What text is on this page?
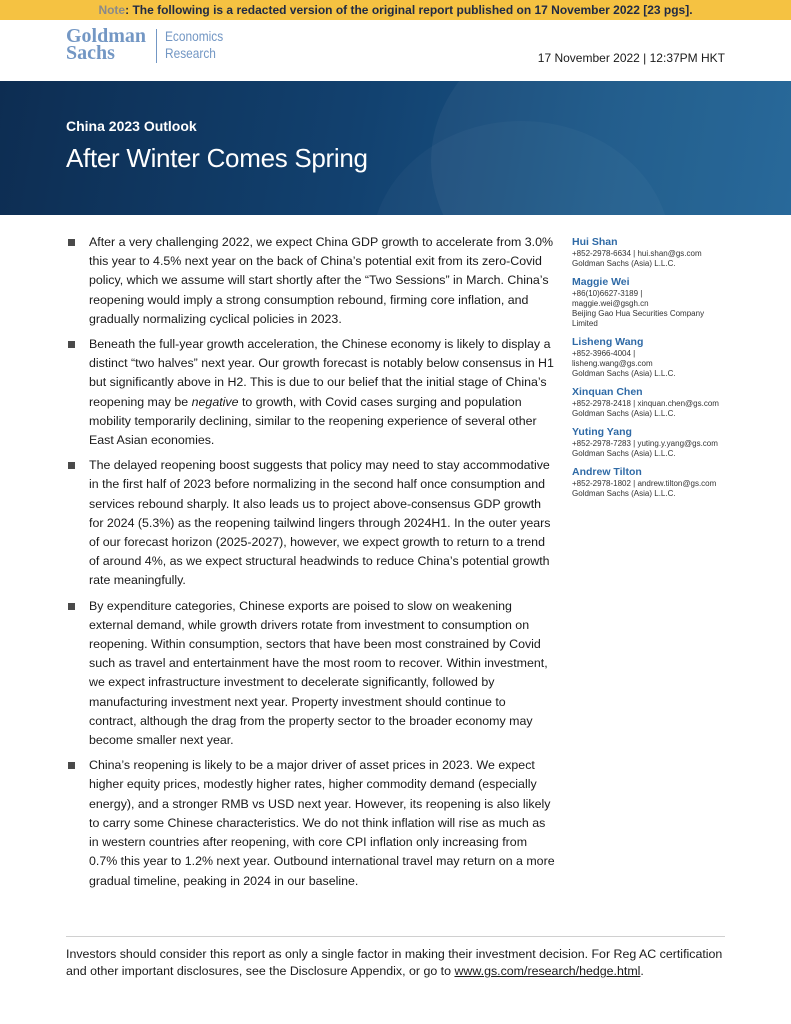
Note: The following is a redacted version of the original report published on 17 November 2022 [23 pgs].
Goldman
Sachs
Economics
Research	17 November 2022 | 12:37PM HKT
China 2023 Outlook
After Winter Comes Spring
After a very challenging 2022, we expect China GDP growth to accelerate from 3.0% this year to 4.5% next year on the back of China’s potential exit from its zero-Covid policy, which we assume will start shortly after the “Two Sessions” in March. China’s reopening would imply a strong consumption rebound, firming core inflation, and gradually normalizing cyclical policies in 2023.
Beneath the full-year growth acceleration, the Chinese economy is likely to display a distinct “two halves” next year. Our growth forecast is notably below consensus in H1 but significantly above in H2. This is due to our belief that the initial stage of China’s reopening may be negative to growth, with Covid cases surging and population mobility temporarily declining, similar to the reopening experience of several other East Asian economies.
The delayed reopening boost suggests that policy may need to stay accommodative in the first half of 2023 before normalizing in the second half once consumption and services rebound sharply. It also leads us to project above-consensus GDP growth for 2024 (5.3%) as the reopening tailwind lingers through 2024H1. In the outer years of our forecast horizon (2025-2027), however, we expect growth to return to a trend of around 4%, as we expect structural headwinds to reduce China’s potential growth rate meaningfully.
By expenditure categories, Chinese exports are poised to slow on weakening external demand, while growth drivers rotate from investment to consumption on reopening. Within consumption, sectors that have been most constrained by Covid such as travel and entertainment have the most room to recover. Within investment, we expect infrastructure investment to decelerate significantly, followed by manufacturing investment next year. Property investment should continue to contract, although the drag from the property sector to the broader economy may become smaller next year.
China’s reopening is likely to be a major driver of asset prices in 2023. We expect higher equity prices, modestly higher rates, higher commodity demand (especially energy), and a stronger RMB vs USD next year. However, its reopening is also likely to carry some Chinese characteristics. We do not think inflation will rise as much as in western countries after reopening, with core CPI inflation only increasing from 0.7% this year to 1.2% next year. Outbound international travel may return on a more gradual timeline, peaking in 2024 in our baseline.
Hui Shan
+852-2978-6634 | hui.shan@gs.com
Goldman Sachs (Asia) L.L.C.
Maggie Wei
+86(10)6627-3189 |
maggie.wei@gsgh.cn
Beijing Gao Hua Securities Company
Limited
Lisheng Wang
+852-3966-4004 |
lisheng.wang@gs.com
Goldman Sachs (Asia) L.L.C.
Xinquan Chen
+852-2978-2418 | xinquan.chen@gs.com
Goldman Sachs (Asia) L.L.C.
Yuting Yang
+852-2978-7283 | yuting.y.yang@gs.com
Goldman Sachs (Asia) L.L.C.
Andrew Tilton
+852-2978-1802 | andrew.tilton@gs.com
Goldman Sachs (Asia) L.L.C.
Investors should consider this report as only a single factor in making their investment decision. For Reg AC certification and other important disclosures, see the Disclosure Appendix, or go to www.gs.com/research/hedge.html.
